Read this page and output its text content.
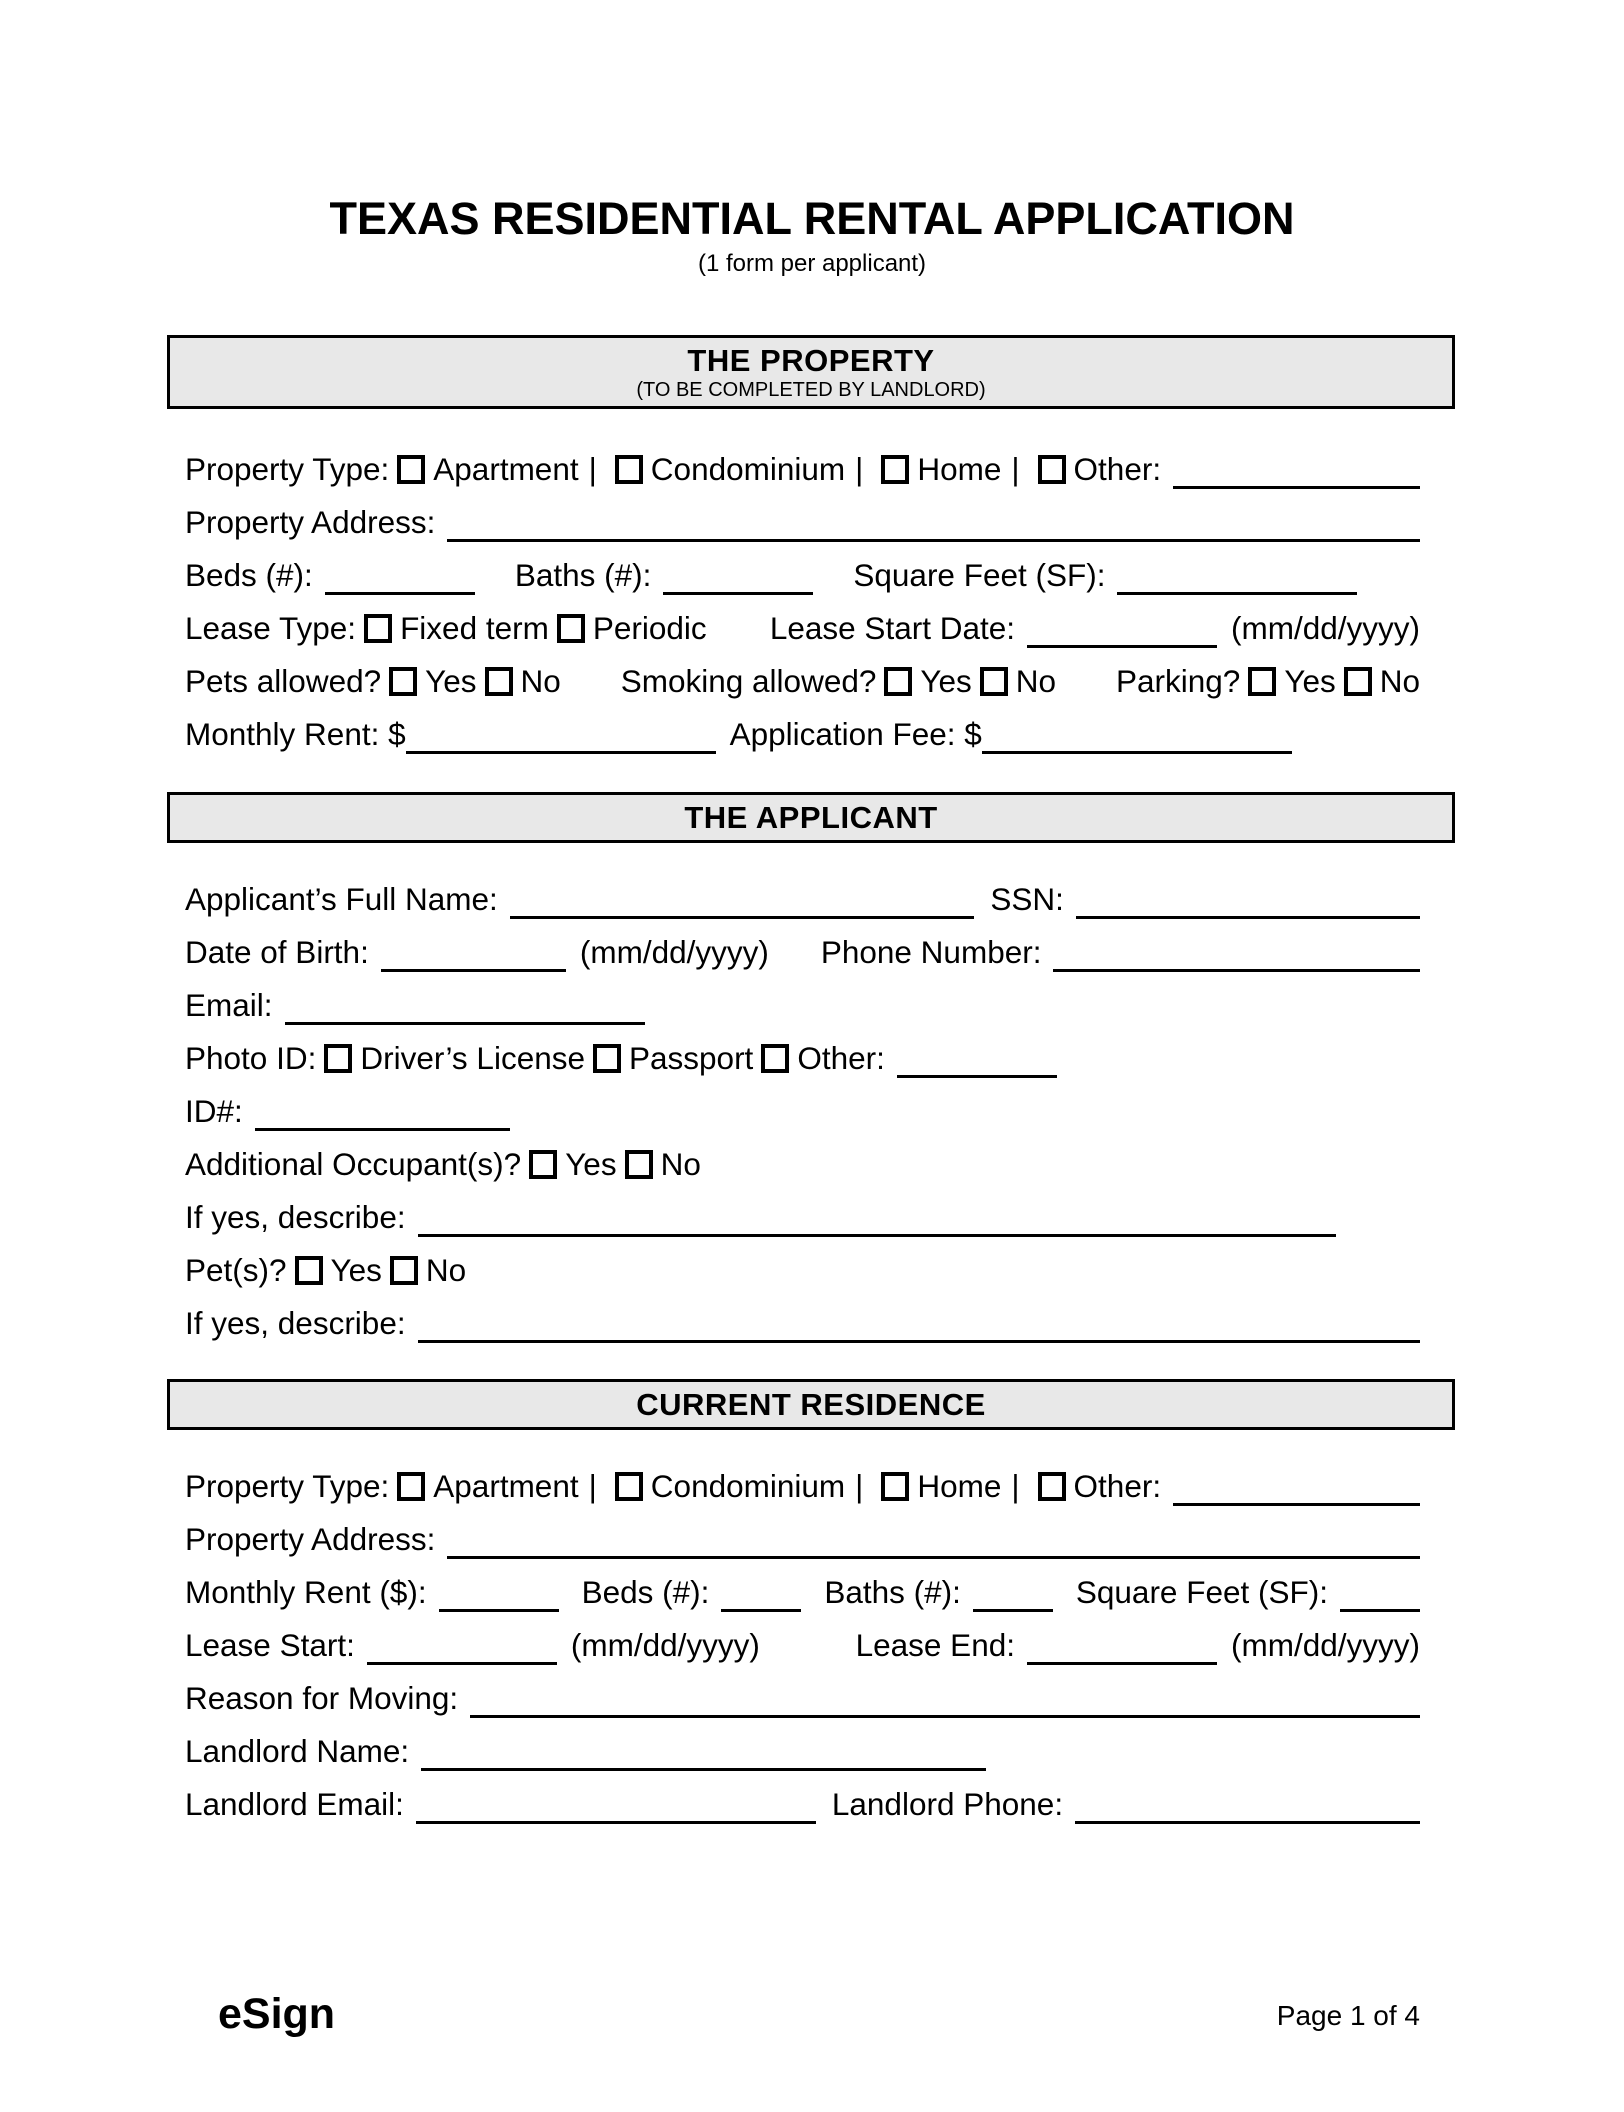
TEXAS RESIDENTIAL RENTAL APPLICATION
(1 form per applicant)
THE PROPERTY
(TO BE COMPLETED BY LANDLORD)
Property Type: Apartment | Condominium | Home | Other:
Property Address:
Beds (#):	Baths (#):	Square Feet (SF):
Lease Type: Fixed term Periodic Lease Start Date:	(mm/dd/yyyy)
Pets allowed? Yes No Smoking allowed? Yes No Parking? Yes No
Monthly Rent: $	Application Fee: $
THE APPLICANT
Applicant’s Full Name:	SSN:
Date of Birth:	(mm/dd/yyyy) Phone Number:
Email:
Photo ID: Driver’s License Passport Other:
ID#:
Additional Occupant(s)? Yes No
If yes, describe:
Pet(s)? Yes No
If yes, describe:
CURRENT RESIDENCE
Property Type: Apartment | Condominium | Home | Other:
Property Address:
Monthly Rent ($):	Beds (#):	Baths (#):	Square Feet (SF):
Lease Start:	(mm/dd/yyyy)	Lease End:	(mm/dd/yyyy)
Reason for Moving:
Landlord Name:
Landlord Email:	Landlord Phone:
eSign	Page 1 of 4
